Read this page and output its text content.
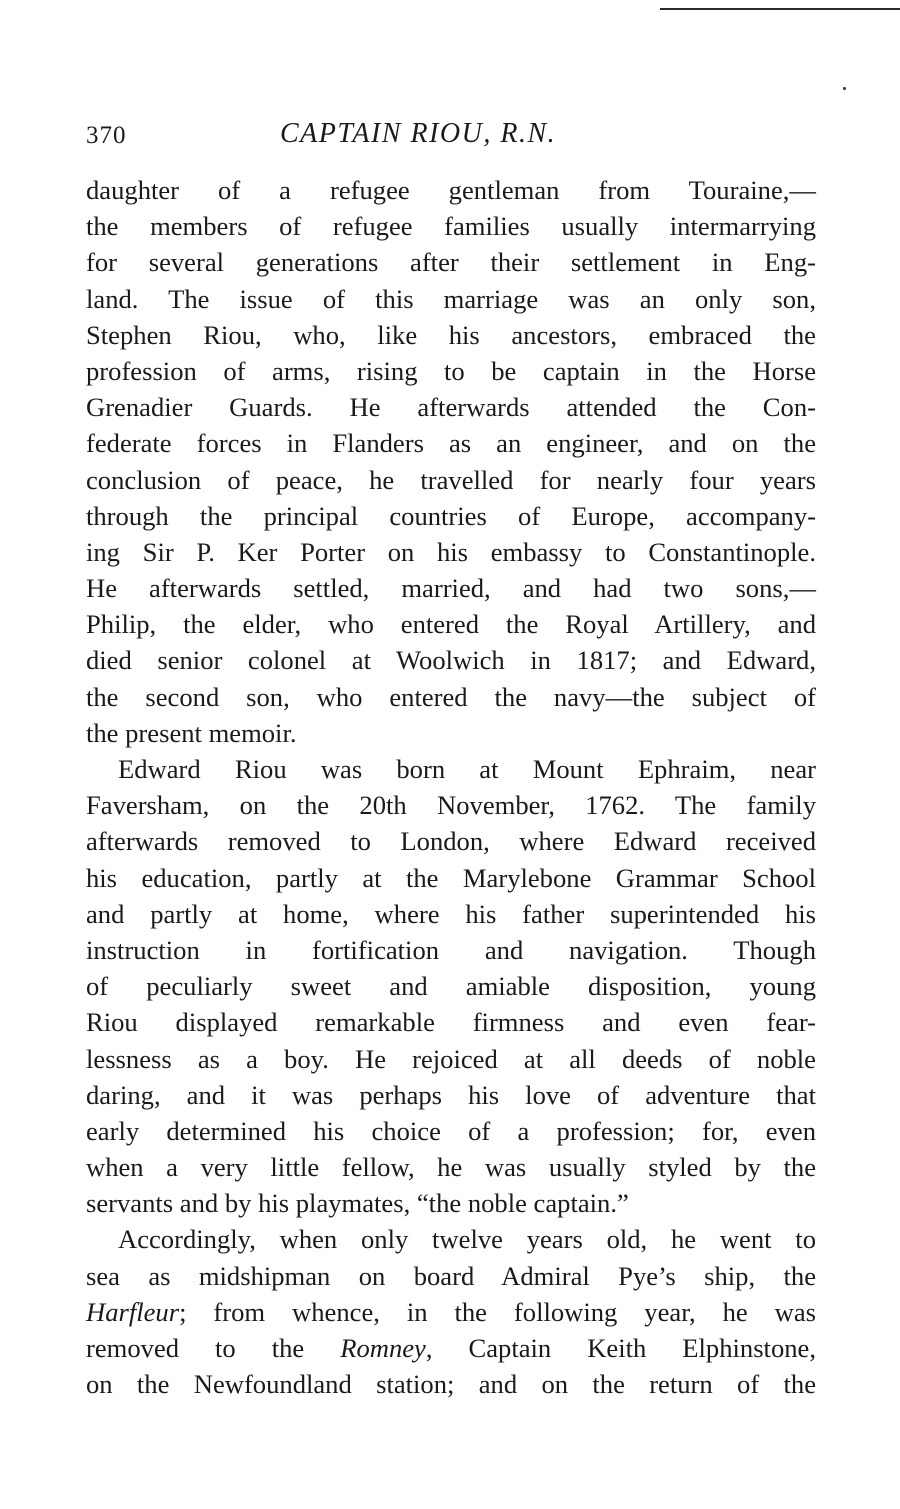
370	CAPTAIN RIOU, R.N.
daughter of a refugee gentleman from Touraine,—
the members of refugee families usually intermarrying
for several generations after their settlement in Eng-
land. The issue of this marriage was an only son,
Stephen Riou, who, like his ancestors, embraced the
profession of arms, rising to be captain in the Horse
Grenadier Guards. He afterwards attended the Con-
federate forces in Flanders as an engineer, and on the
conclusion of peace, he travelled for nearly four years
through the principal countries of Europe, accompany-
ing Sir P. Ker Porter on his embassy to Constantinople.
He afterwards settled, married, and had two sons,—
Philip, the elder, who entered the Royal Artillery, and
died senior colonel at Woolwich in 1817; and Edward,
the second son, who entered the navy—the subject of
the present memoir.
Edward Riou was born at Mount Ephraim, near
Faversham, on the 20th November, 1762. The family
afterwards removed to London, where Edward received
his education, partly at the Marylebone Grammar School
and partly at home, where his father superintended his
instruction in fortification and navigation. Though
of peculiarly sweet and amiable disposition, young
Riou displayed remarkable firmness and even fear-
lessness as a boy. He rejoiced at all deeds of noble
daring, and it was perhaps his love of adventure that
early determined his choice of a profession; for, even
when a very little fellow, he was usually styled by the
servants and by his playmates, “the noble captain.”
Accordingly, when only twelve years old, he went to
sea as midshipman on board Admiral Pye’s ship, the
Harfleur; from whence, in the following year, he was
removed to the Romney, Captain Keith Elphinstone,
on the Newfoundland station; and on the return of the
